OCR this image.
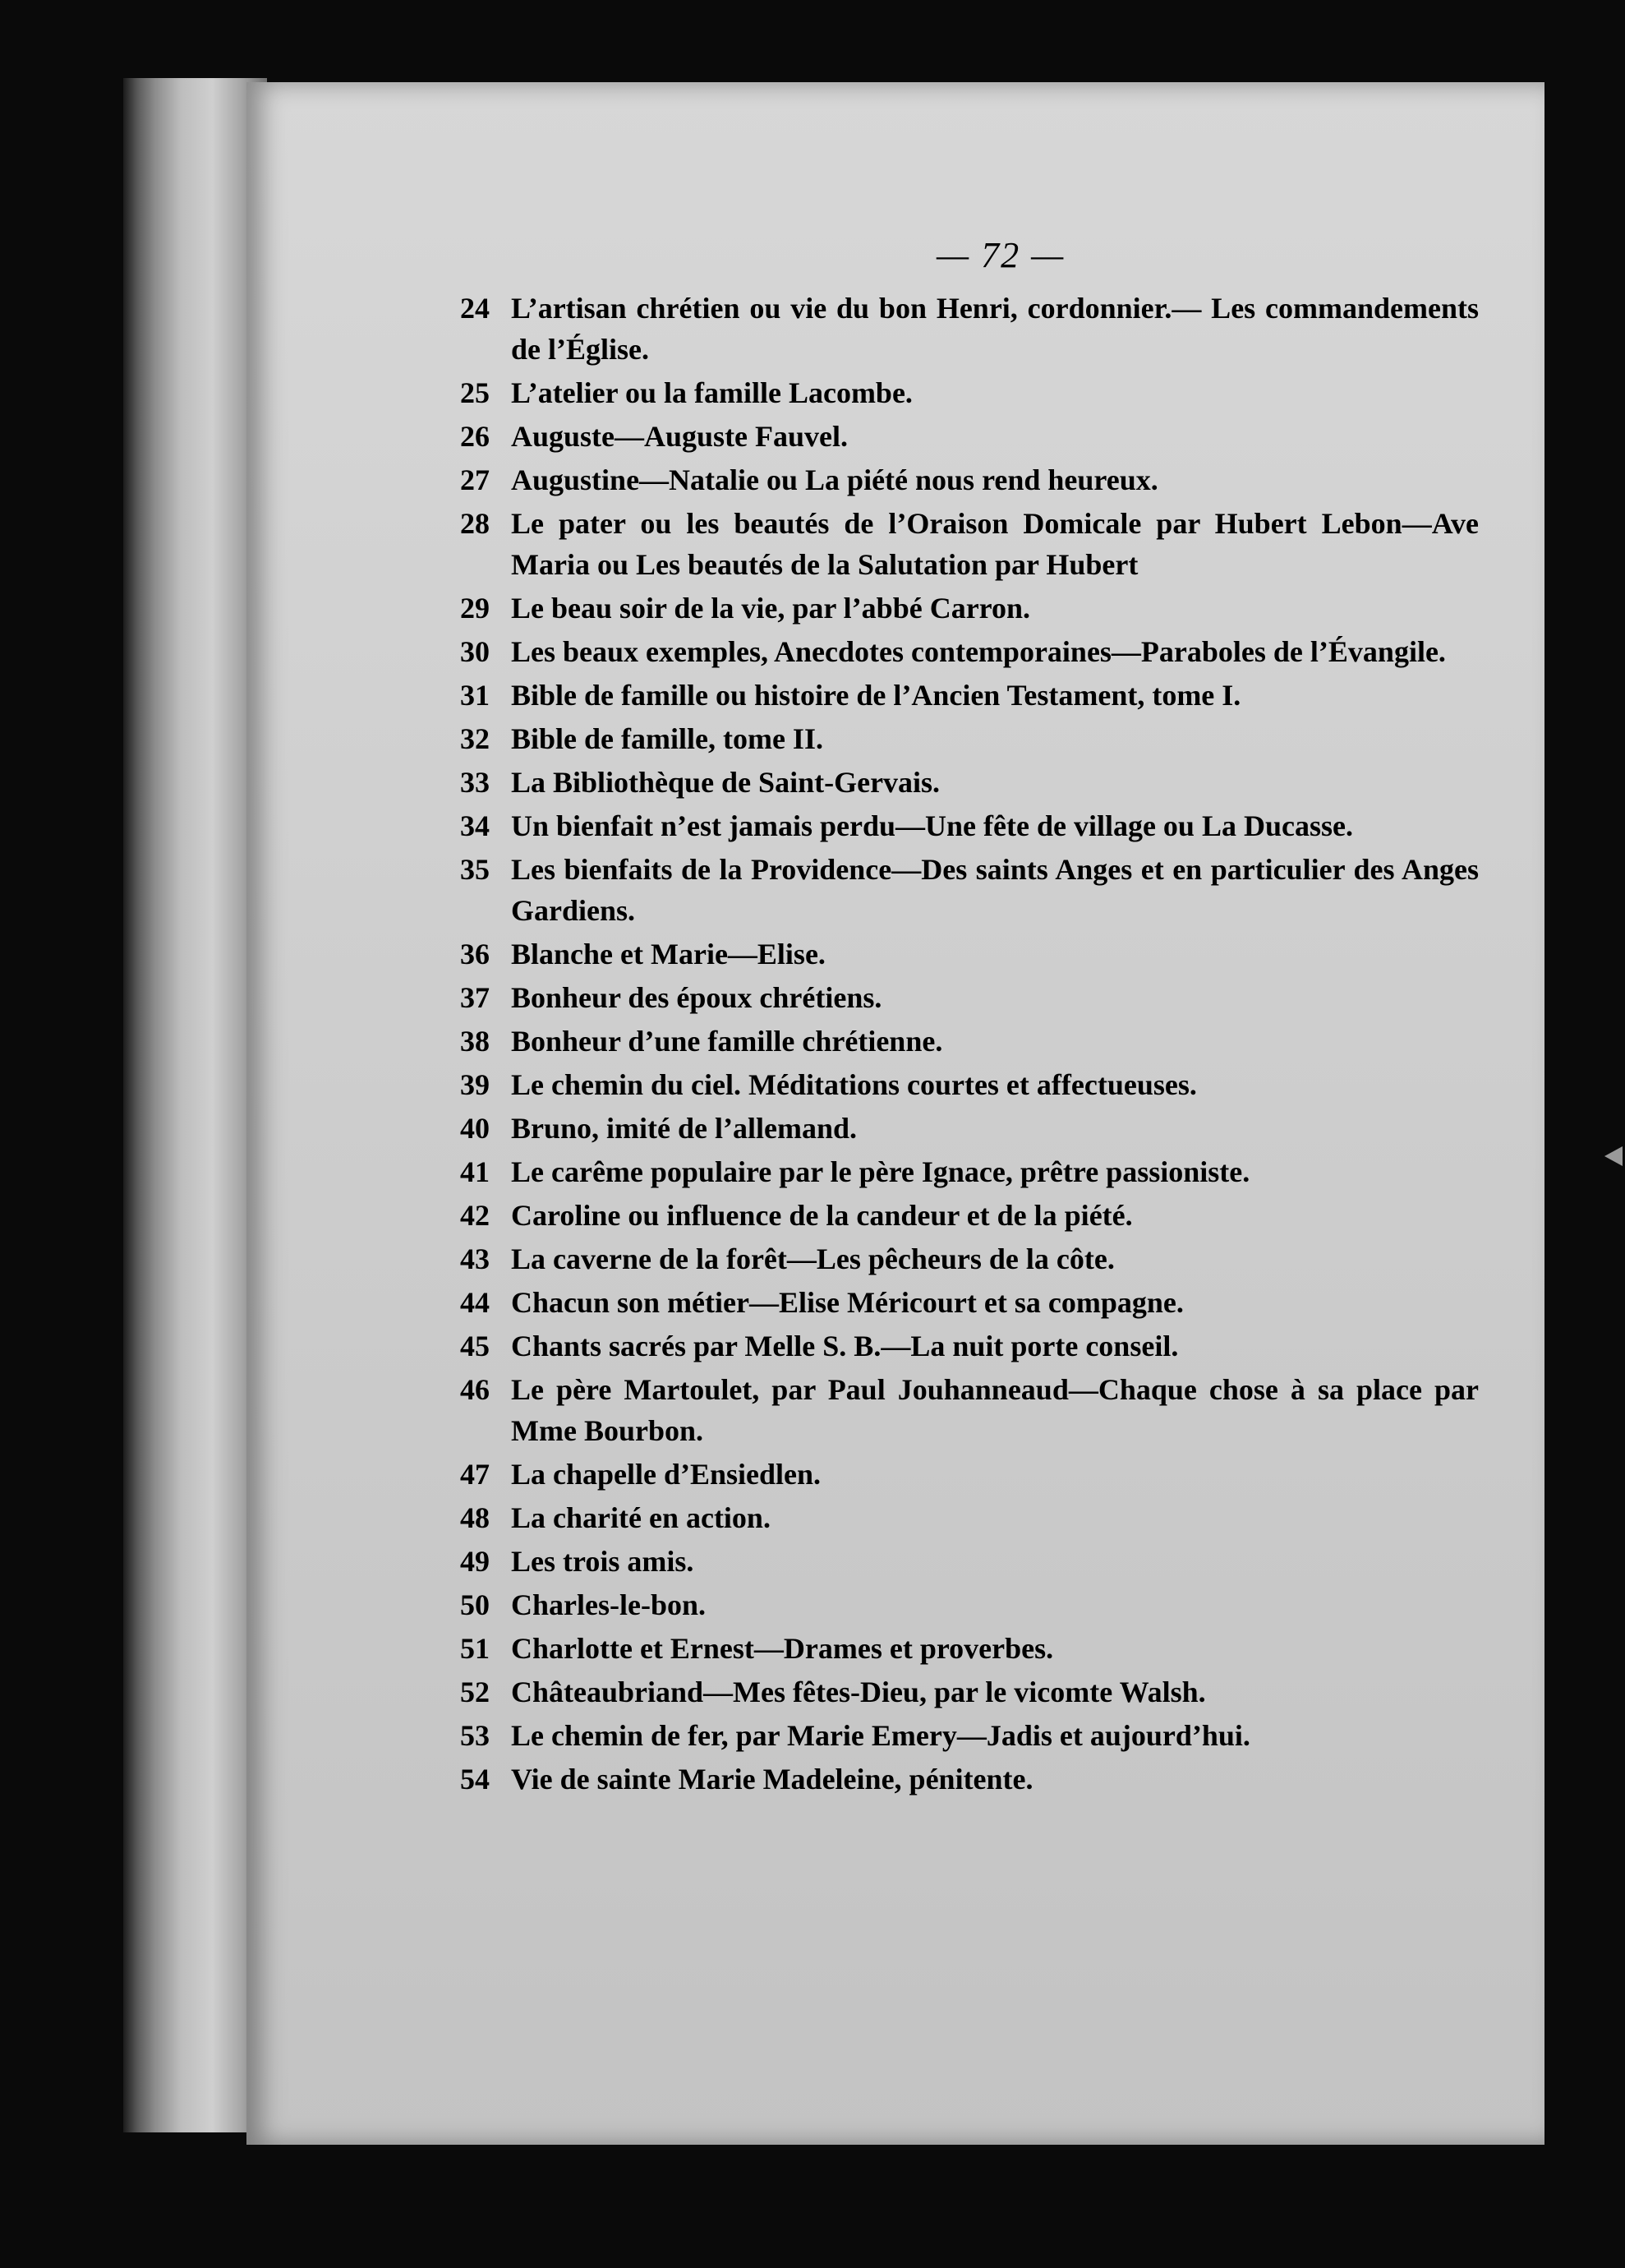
— 72 —
24 L’artisan chrétien ou vie du bon Henri, cordonnier.— Les commandements de l’Église.
25 L’atelier ou la famille Lacombe.
26 Auguste—Auguste Fauvel.
27 Augustine—Natalie ou La piété nous rend heureux.
28 Le pater ou les beautés de l’Oraison Domicale par Hubert Lebon—Ave Maria ou Les beautés de la Salutation par Hubert
29 Le beau soir de la vie, par l’abbé Carron.
30 Les beaux exemples, Anecdotes contemporaines—Paraboles de l’Évangile.
31 Bible de famille ou histoire de l’Ancien Testament, tome I.
32 Bible de famille, tome II.
33 La Bibliothèque de Saint-Gervais.
34 Un bienfait n’est jamais perdu—Une fête de village ou La Ducasse.
35 Les bienfaits de la Providence—Des saints Anges et en particulier des Anges Gardiens.
36 Blanche et Marie—Elise.
37 Bonheur des époux chrétiens.
38 Bonheur d’une famille chrétienne.
39 Le chemin du ciel. Méditations courtes et affectueuses.
40 Bruno, imité de l’allemand.
41 Le carême populaire par le père Ignace, prêtre passioniste.
42 Caroline ou influence de la candeur et de la piété.
43 La caverne de la forêt—Les pêcheurs de la côte.
44 Chacun son métier—Elise Méricourt et sa compagne.
45 Chants sacrés par Melle S. B.—La nuit porte conseil.
46 Le père Martoulet, par Paul Jouhanneaud—Chaque chose à sa place par Mme Bourbon.
47 La chapelle d’Ensiedlen.
48 La charité en action.
49 Les trois amis.
50 Charles-le-bon.
51 Charlotte et Ernest—Drames et proverbes.
52 Châteaubriand—Mes fêtes-Dieu, par le vicomte Walsh.
53 Le chemin de fer, par Marie Emery—Jadis et aujourd’hui.
54 Vie de sainte Marie Madeleine, pénitente.
